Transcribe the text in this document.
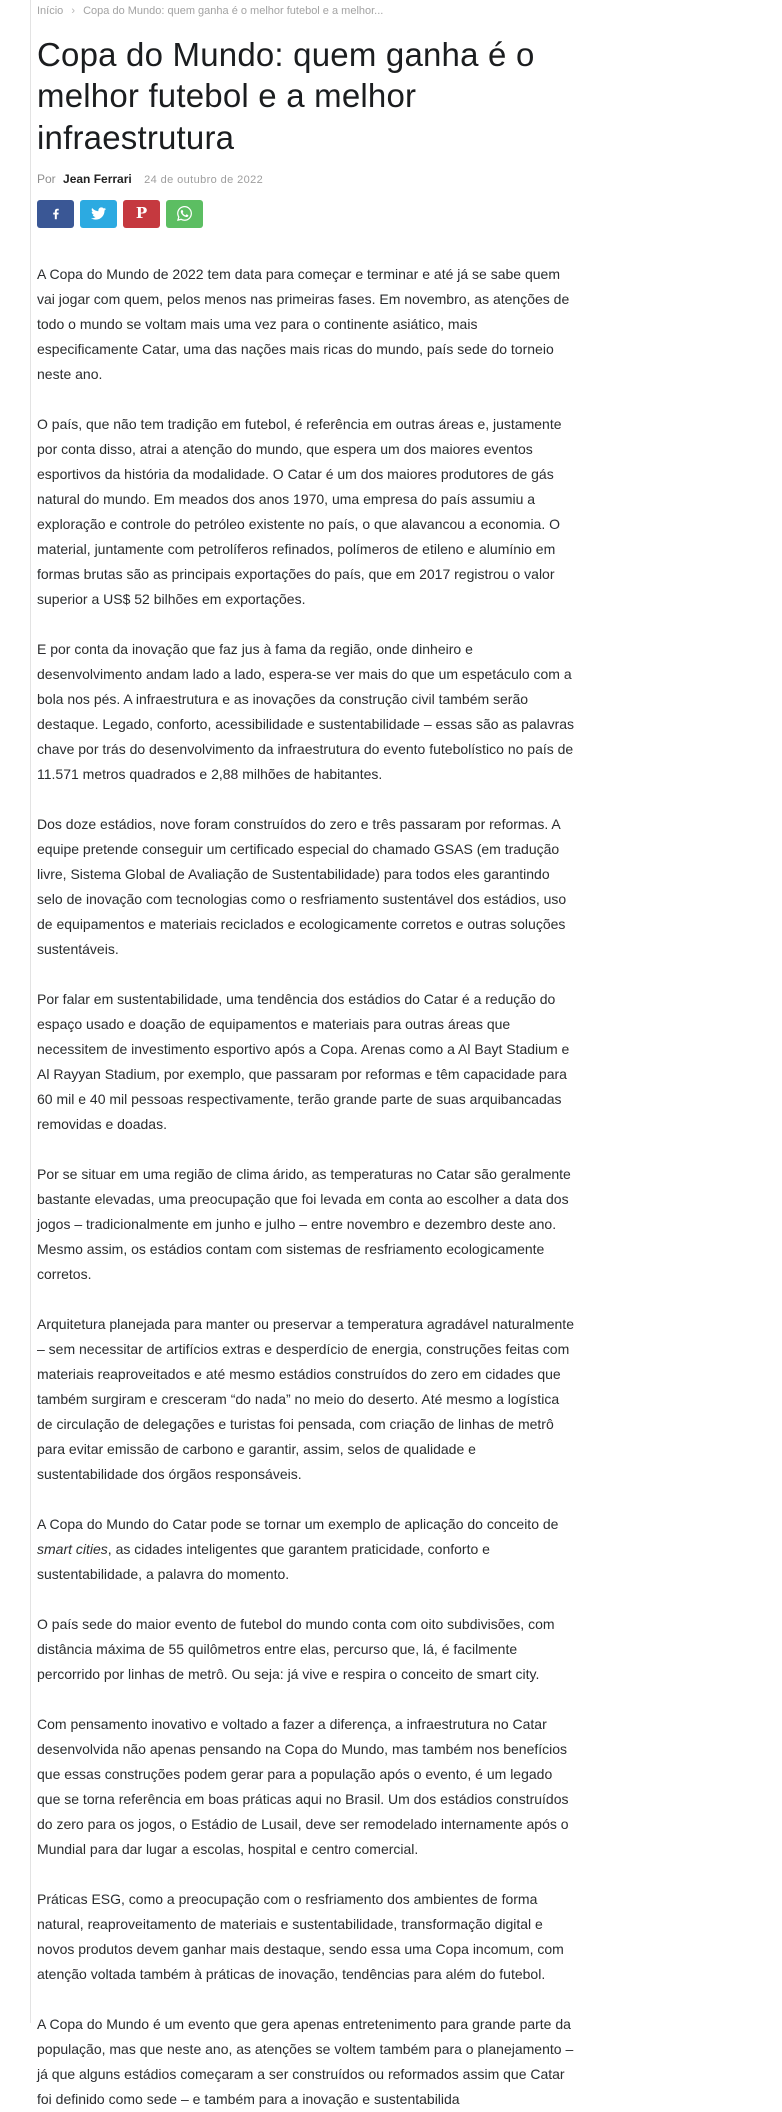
Início › Copa do Mundo: quem ganha é o melhor futebol e a melhor...
Copa do Mundo: quem ganha é o melhor futebol e a melhor infraestrutura
Por Jean Ferrari 24 de outubro de 2022
P

A Copa do Mundo de 2022 tem data para começar e terminar e até já se sabe quem vai jogar com quem, pelos menos nas primeiras fases. Em novembro, as atenções de todo o mundo se voltam mais uma vez para o continente asiático, mais especificamente Catar, uma das nações mais ricas do mundo, país sede do torneio neste ano.

O país, que não tem tradição em futebol, é referência em outras áreas e, justamente por conta disso, atrai a atenção do mundo, que espera um dos maiores eventos esportivos da história da modalidade. O Catar é um dos maiores produtores de gás natural do mundo. Em meados dos anos 1970, uma empresa do país assumiu a exploração e controle do petróleo existente no país, o que alavancou a economia. O material, juntamente com petrolíferos refinados, polímeros de etileno e alumínio em formas brutas são as principais exportações do país, que em 2017 registrou o valor superior a US$ 52 bilhões em exportações.

E por conta da inovação que faz jus à fama da região, onde dinheiro e desenvolvimento andam lado a lado, espera-se ver mais do que um espetáculo com a bola nos pés. A infraestrutura e as inovações da construção civil também serão destaque. Legado, conforto, acessibilidade e sustentabilidade – essas são as palavras chave por trás do desenvolvimento da infraestrutura do evento futebolístico no país de 11.571 metros quadrados e 2,88 milhões de habitantes.

Dos doze estádios, nove foram construídos do zero e três passaram por reformas. A equipe pretende conseguir um certificado especial do chamado GSAS (em tradução livre, Sistema Global de Avaliação de Sustentabilidade) para todos eles garantindo selo de inovação com tecnologias como o resfriamento sustentável dos estádios, uso de equipamentos e materiais reciclados e ecologicamente corretos e outras soluções sustentáveis.

Por falar em sustentabilidade, uma tendência dos estádios do Catar é a redução do espaço usado e doação de equipamentos e materiais para outras áreas que necessitem de investimento esportivo após a Copa. Arenas como a Al Bayt Stadium e Al Rayyan Stadium, por exemplo, que passaram por reformas e têm capacidade para 60 mil e 40 mil pessoas respectivamente, terão grande parte de suas arquibancadas removidas e doadas.

Por se situar em uma região de clima árido, as temperaturas no Catar são geralmente bastante elevadas, uma preocupação que foi levada em conta ao escolher a data dos jogos – tradicionalmente em junho e julho – entre novembro e dezembro deste ano. Mesmo assim, os estádios contam com sistemas de resfriamento ecologicamente corretos.

Arquitetura planejada para manter ou preservar a temperatura agradável naturalmente – sem necessitar de artifícios extras e desperdício de energia, construções feitas com materiais reaproveitados e até mesmo estádios construídos do zero em cidades que também surgiram e cresceram “do nada” no meio do deserto. Até mesmo a logística de circulação de delegações e turistas foi pensada, com criação de linhas de metrô para evitar emissão de carbono e garantir, assim, selos de qualidade e sustentabilidade dos órgãos responsáveis.

A Copa do Mundo do Catar pode se tornar um exemplo de aplicação do conceito de smart cities, as cidades inteligentes que garantem praticidade, conforto e sustentabilidade, a palavra do momento.

O país sede do maior evento de futebol do mundo conta com oito subdivisões, com distância máxima de 55 quilômetros entre elas, percurso que, lá, é facilmente percorrido por linhas de metrô. Ou seja: já vive e respira o conceito de smart city.

Com pensamento inovativo e voltado a fazer a diferença, a infraestrutura no Catar desenvolvida não apenas pensando na Copa do Mundo, mas também nos benefícios que essas construções podem gerar para a população após o evento, é um legado que se torna referência em boas práticas aqui no Brasil. Um dos estádios construídos do zero para os jogos, o Estádio de Lusail, deve ser remodelado internamente após o Mundial para dar lugar a escolas, hospital e centro comercial.

Práticas ESG, como a preocupação com o resfriamento dos ambientes de forma natural, reaproveitamento de materiais e sustentabilidade, transformação digital e novos produtos devem ganhar mais destaque, sendo essa uma Copa incomum, com atenção voltada também à práticas de inovação, tendências para além do futebol.

A Copa do Mundo é um evento que gera apenas entretenimento para grande parte da população, mas que neste ano, as atenções se voltem também para o planejamento – já que alguns estádios começaram a ser construídos ou reformados assim que Catar foi definido como sede – e também para a inovação e sustentabilida
